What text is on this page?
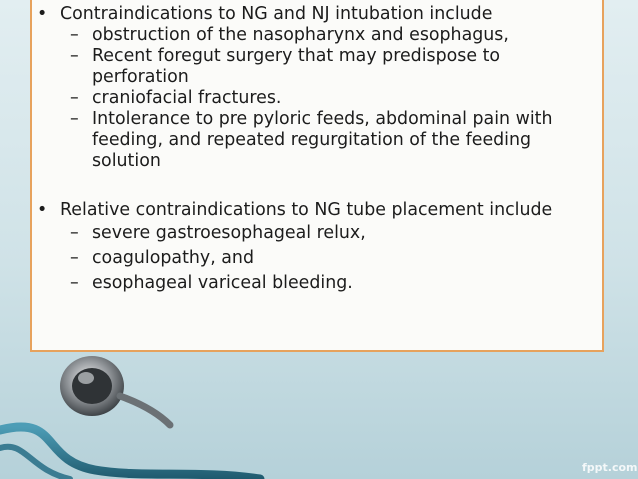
• Contraindications to NG and NJ intubation include
– obstruction of the nasopharynx and esophagus,
– Recent foregut surgery that may predispose to perforation
– craniofacial fractures.
– Intolerance to pre pyloric feeds, abdominal pain with feeding, and repeated regurgitation of the feeding solution
• Relative contraindications to NG tube placement include
– severe gastroesophageal relux,
– coagulopathy, and
– esophageal variceal bleeding.
fppt.com
